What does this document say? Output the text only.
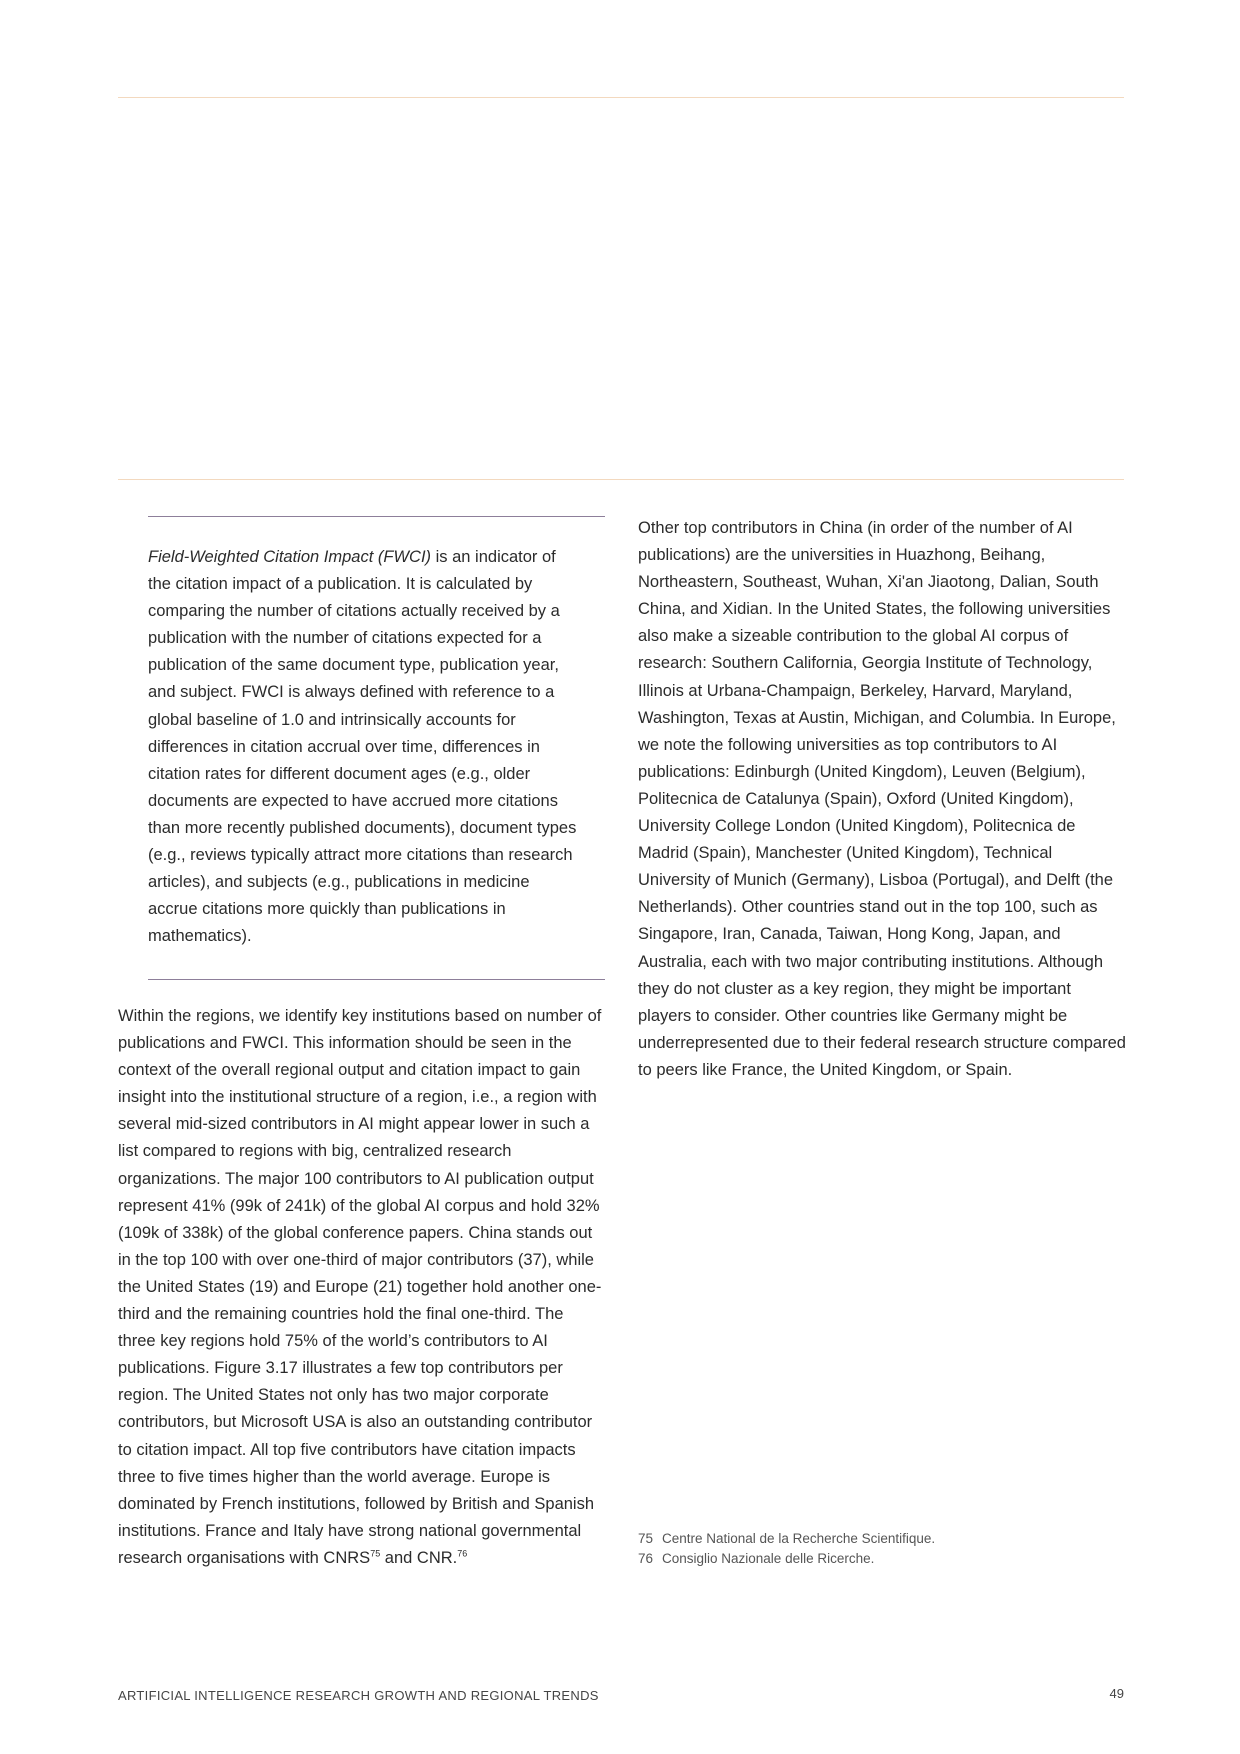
Field-Weighted Citation Impact (FWCI) is an indicator of the citation impact of a publication. It is calculated by comparing the number of citations actually received by a publication with the number of citations expected for a publication of the same document type, publication year, and subject. FWCI is always defined with reference to a global baseline of 1.0 and intrinsically accounts for differences in citation accrual over time, differences in citation rates for different document ages (e.g., older documents are expected to have accrued more citations than more recently published documents), document types (e.g., reviews typically attract more citations than research articles), and subjects (e.g., publications in medicine accrue citations more quickly than publications in mathematics).

Within the regions, we identify key institutions based on number of publications and FWCI. This information should be seen in the context of the overall regional output and citation impact to gain insight into the institutional structure of a region, i.e., a region with several mid-sized contributors in AI might appear lower in such a list compared to regions with big, centralized research organizations. The major 100 contributors to AI publication output represent 41% (99k of 241k) of the global AI corpus and hold 32% (109k of 338k) of the global conference papers. China stands out in the top 100 with over one-third of major contributors (37), while the United States (19) and Europe (21) together hold another one-third and the remaining countries hold the final one-third. The three key regions hold 75% of the world’s contributors to AI publications. Figure 3.17 illustrates a few top contributors per region. The United States not only has two major corporate contributors, but Microsoft USA is also an outstanding contributor to citation impact. All top five contributors have citation impacts three to five times higher than the world average. Europe is dominated by French institutions, followed by British and Spanish institutions. France and Italy have strong national governmental research organisations with CNRS$^{75}$ and CNR.$^{76}$

Other top contributors in China (in order of the number of AI publications) are the universities in Huazhong, Beihang, Northeastern, Southeast, Wuhan, Xi'an Jiaotong, Dalian, South China, and Xidian. In the United States, the following universities also make a sizeable contribution to the global AI corpus of research: Southern California, Georgia Institute of Technology, Illinois at Urbana-Champaign, Berkeley, Harvard, Maryland, Washington, Texas at Austin, Michigan, and Columbia. In Europe, we note the following universities as top contributors to AI publications: Edinburgh (United Kingdom), Leuven (Belgium), Politecnica de Catalunya (Spain), Oxford (United Kingdom), University College London (United Kingdom), Politecnica de Madrid (Spain), Manchester (United Kingdom), Technical University of Munich (Germany), Lisboa (Portugal), and Delft (the Netherlands). Other countries stand out in the top 100, such as Singapore, Iran, Canada, Taiwan, Hong Kong, Japan, and Australia, each with two major contributing institutions. Although they do not cluster as a key region, they might be important players to consider. Other countries like Germany might be underrepresented due to their federal research structure compared to peers like France, the United Kingdom, or Spain.

75 Centre National de la Recherche Scientifique.
76 Consiglio Nazionale delle Ricerche.
ARTIFICIAL INTELLIGENCE RESEARCH GROWTH AND REGIONAL TRENDS	49
